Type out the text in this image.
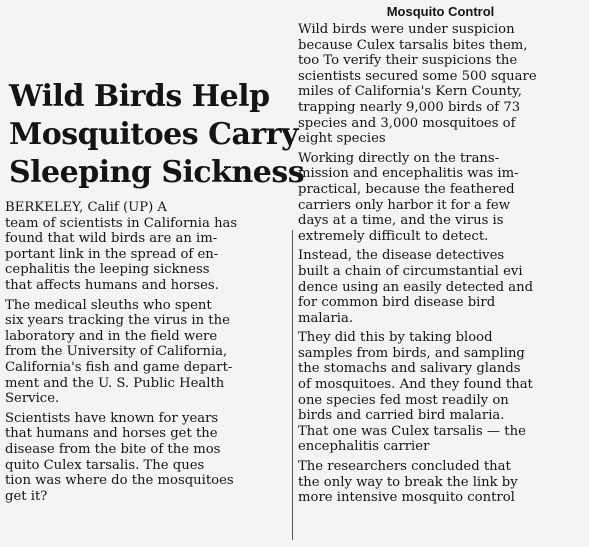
Wild Birds Help
Mosquitoes Carry
Sleeping Sickness
BERKELEY, Calif (UP) A
team of scientists in California has
found that wild birds are an im-
portant link in the spread of en-
cephalitis the leeping sickness
that affects humans and horses.
The medical sleuths who spent
six years tracking the virus in the
laboratory and in the field were
from the University of California,
California's fish and game depart-
ment and the U. S. Public Health
Service.
Scientists have known for years
that humans and horses get the
disease from the bite of the mos
quito Culex tarsalis. The ques
tion was where do the mosquitoes
get it?
Mosquito Control
Wild birds were under suspicion
because Culex tarsalis bites them,
too To verify their suspicions the
scientists secured some 500 square
miles of California's Kern County,
trapping nearly 9,000 birds of 73
species and 3,000 mosquitoes of
eight species
Working directly on the trans-
mission and encephalitis was im-
practical, because the feathered
carriers only harbor it for a few
days at a time, and the virus is
extremely difficult to detect.
Instead, the disease detectives
built a chain of circumstantial evi
dence using an easily detected and
for common bird disease bird
malaria.
They did this by taking blood
samples from birds, and sampling
the stomachs and salivary glands
of mosquitoes. And they found that
one species fed most readily on
birds and carried bird malaria.
That one was Culex tarsalis — the
encephalitis carrier
The researchers concluded that
the only way to break the link by
more intensive mosquito control
